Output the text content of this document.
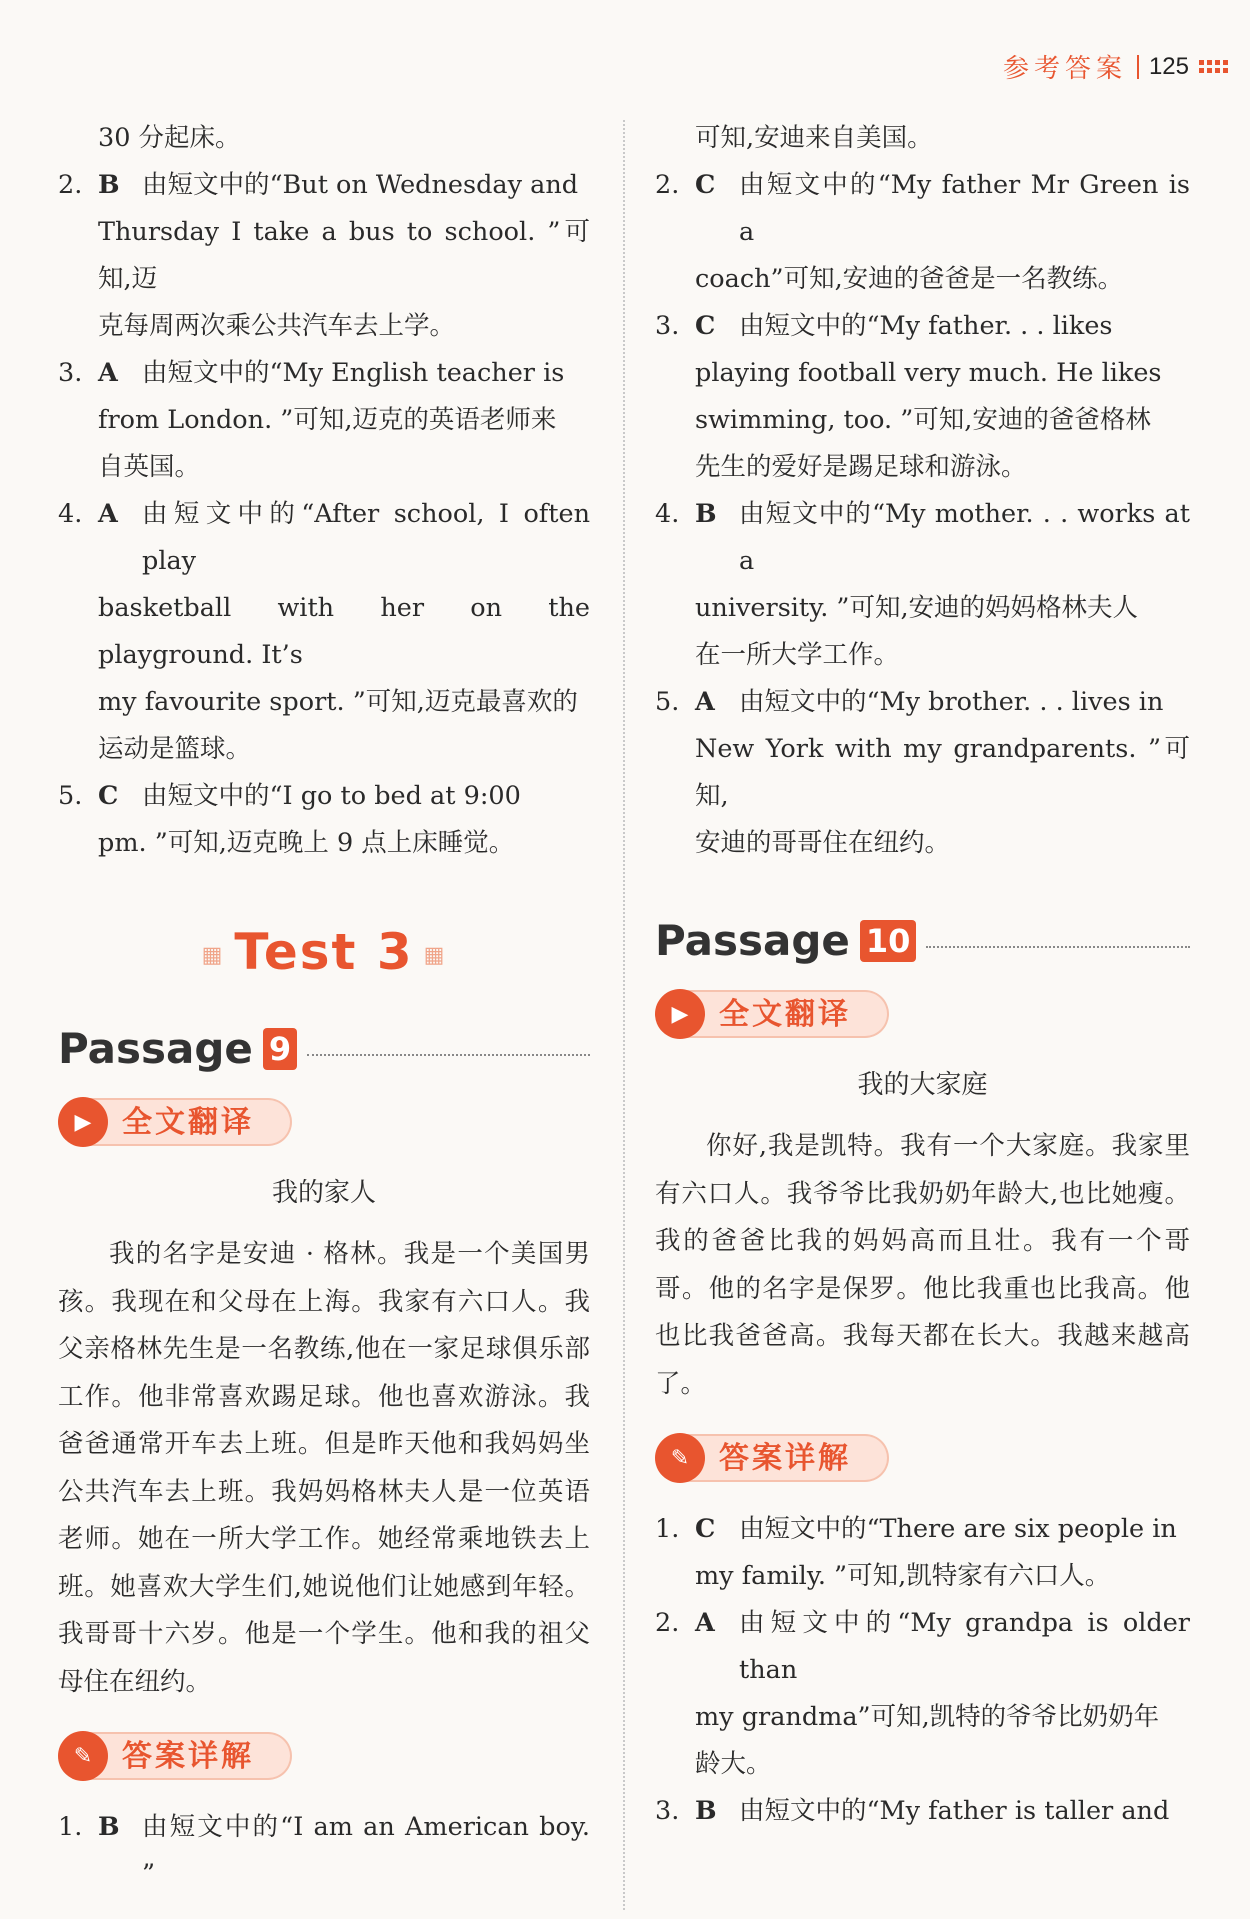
参考答案 125
30 分起床。
2. B 由短文中的“But on Wednesday and
Thursday I take a bus to school. ”可知,迈
克每周两次乘公共汽车去上学。
3. A 由短文中的“My English teacher is
from London. ”可知,迈克的英语老师来
自英国。
4. A 由短文中的“After school, I often play
basketball with her on the playground. It’s
my favourite sport. ”可知,迈克最喜欢的
运动是篮球。
5. C 由短文中的“I go to bed at 9:00
pm. ”可知,迈克晚上 9 点上床睡觉。
▦ Test 3 ▦
Passage 9
▶	全文翻译
我的家人
我的名字是安迪 · 格林。我是一个美国男孩。我现在和父母在上海。我家有六口人。我父亲格林先生是一名教练,他在一家足球俱乐部工作。他非常喜欢踢足球。他也喜欢游泳。我爸爸通常开车去上班。但是昨天他和我妈妈坐公共汽车去上班。我妈妈格林夫人是一位英语老师。她在一所大学工作。她经常乘地铁去上班。她喜欢大学生们,她说他们让她感到年轻。我哥哥十六岁。他是一个学生。他和我的祖父母住在纽约。
✎ 答案详解
1. B 由短文中的“I am an American boy. ”
可知,安迪来自美国。
2. C 由短文中的“My father Mr Green is a
coach”可知,安迪的爸爸是一名教练。
3. C 由短文中的“My father. . . likes
playing football very much. He likes
swimming, too. ”可知,安迪的爸爸格林
先生的爱好是踢足球和游泳。
4. B 由短文中的“My mother. . . works at a
university. ”可知,安迪的妈妈格林夫人
在一所大学工作。
5. A 由短文中的“My brother. . . lives in
New York with my grandparents. ”可知,
安迪的哥哥住在纽约。
Passage 10
▶	全文翻译
我的大家庭
你好,我是凯特。我有一个大家庭。我家里有六口人。我爷爷比我奶奶年龄大,也比她瘦。我的爸爸比我的妈妈高而且壮。我有一个哥哥。他的名字是保罗。他比我重也比我高。他也比我爸爸高。我每天都在长大。我越来越高了。
✎ 答案详解
1. C 由短文中的“There are six people in
my family. ”可知,凯特家有六口人。
2. A 由短文中的“My grandpa is older than
my grandma”可知,凯特的爷爷比奶奶年
龄大。
3. B 由短文中的“My father is taller and
